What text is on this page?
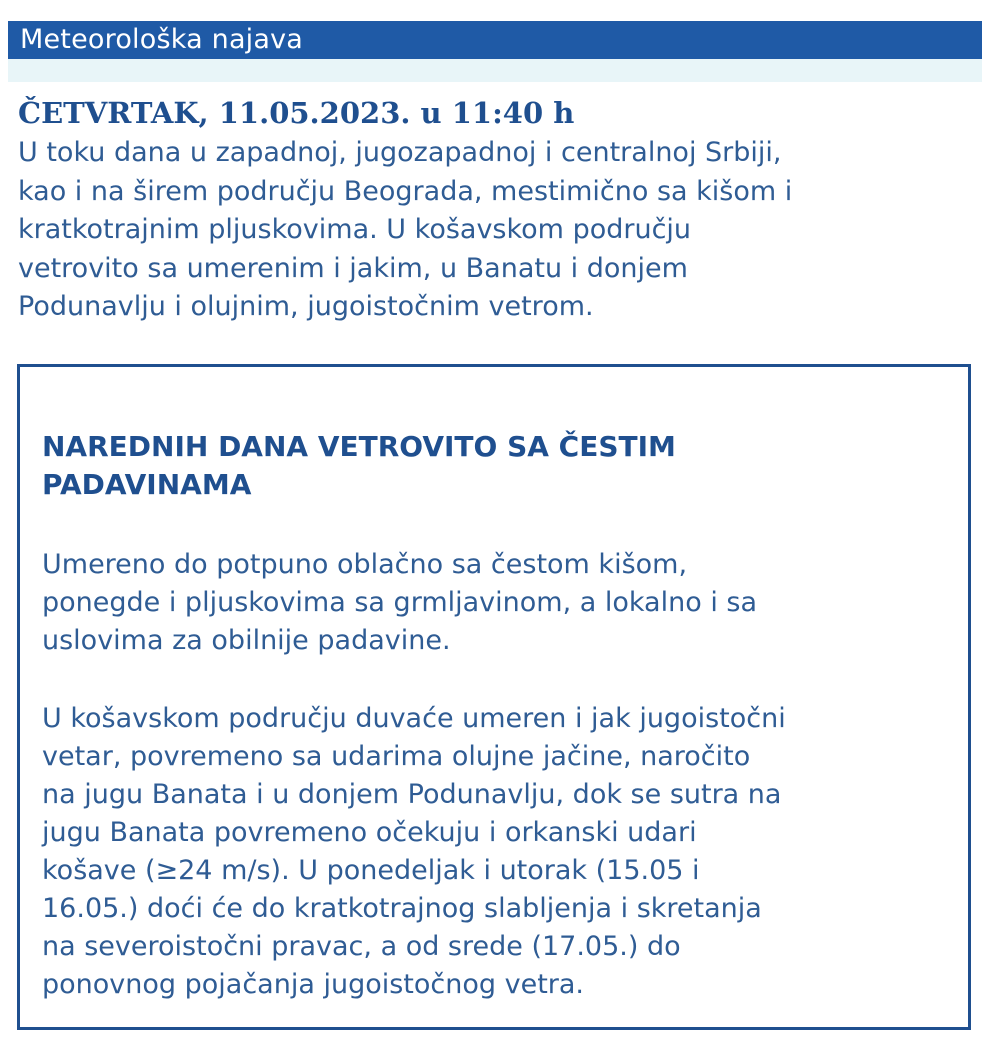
Meteorološka najava
ČETVRTAK, 11.05.2023. u 11:40 h

U toku dana u zapadnoj, jugozapadnoj i centralnoj Srbiji,
kao i na širem području Beograda, mestimično sa kišom i
kratkotrajnim pljuskovima. U košavskom području
vetrovito sa umerenim i jakim, u Banatu i donjem
Podunavlju i olujnim, jugoistočnim vetrom.

NAREDNIH DANA VETROVITO SA ČESTIM
PADAVINAMA

Umereno do potpuno oblačno sa čestom kišom,
ponegde i pljuskovima sa grmljavinom, a lokalno i sa
uslovima za obilnije padavine.

U košavskom području duvaće umeren i jak jugoistočni
vetar, povremeno sa udarima olujne jačine, naročito
na jugu Banata i u donjem Podunavlju, dok se sutra na
jugu Banata povremeno očekuju i orkanski udari
košave (≥24 m/s). U ponedeljak i utorak (15.05 i
16.05.) doći će do kratkotrajnog slabljenja i skretanja
na severoistočni pravac, a od srede (17.05.) do
ponovnog pojačanja jugoistočnog vetra.
